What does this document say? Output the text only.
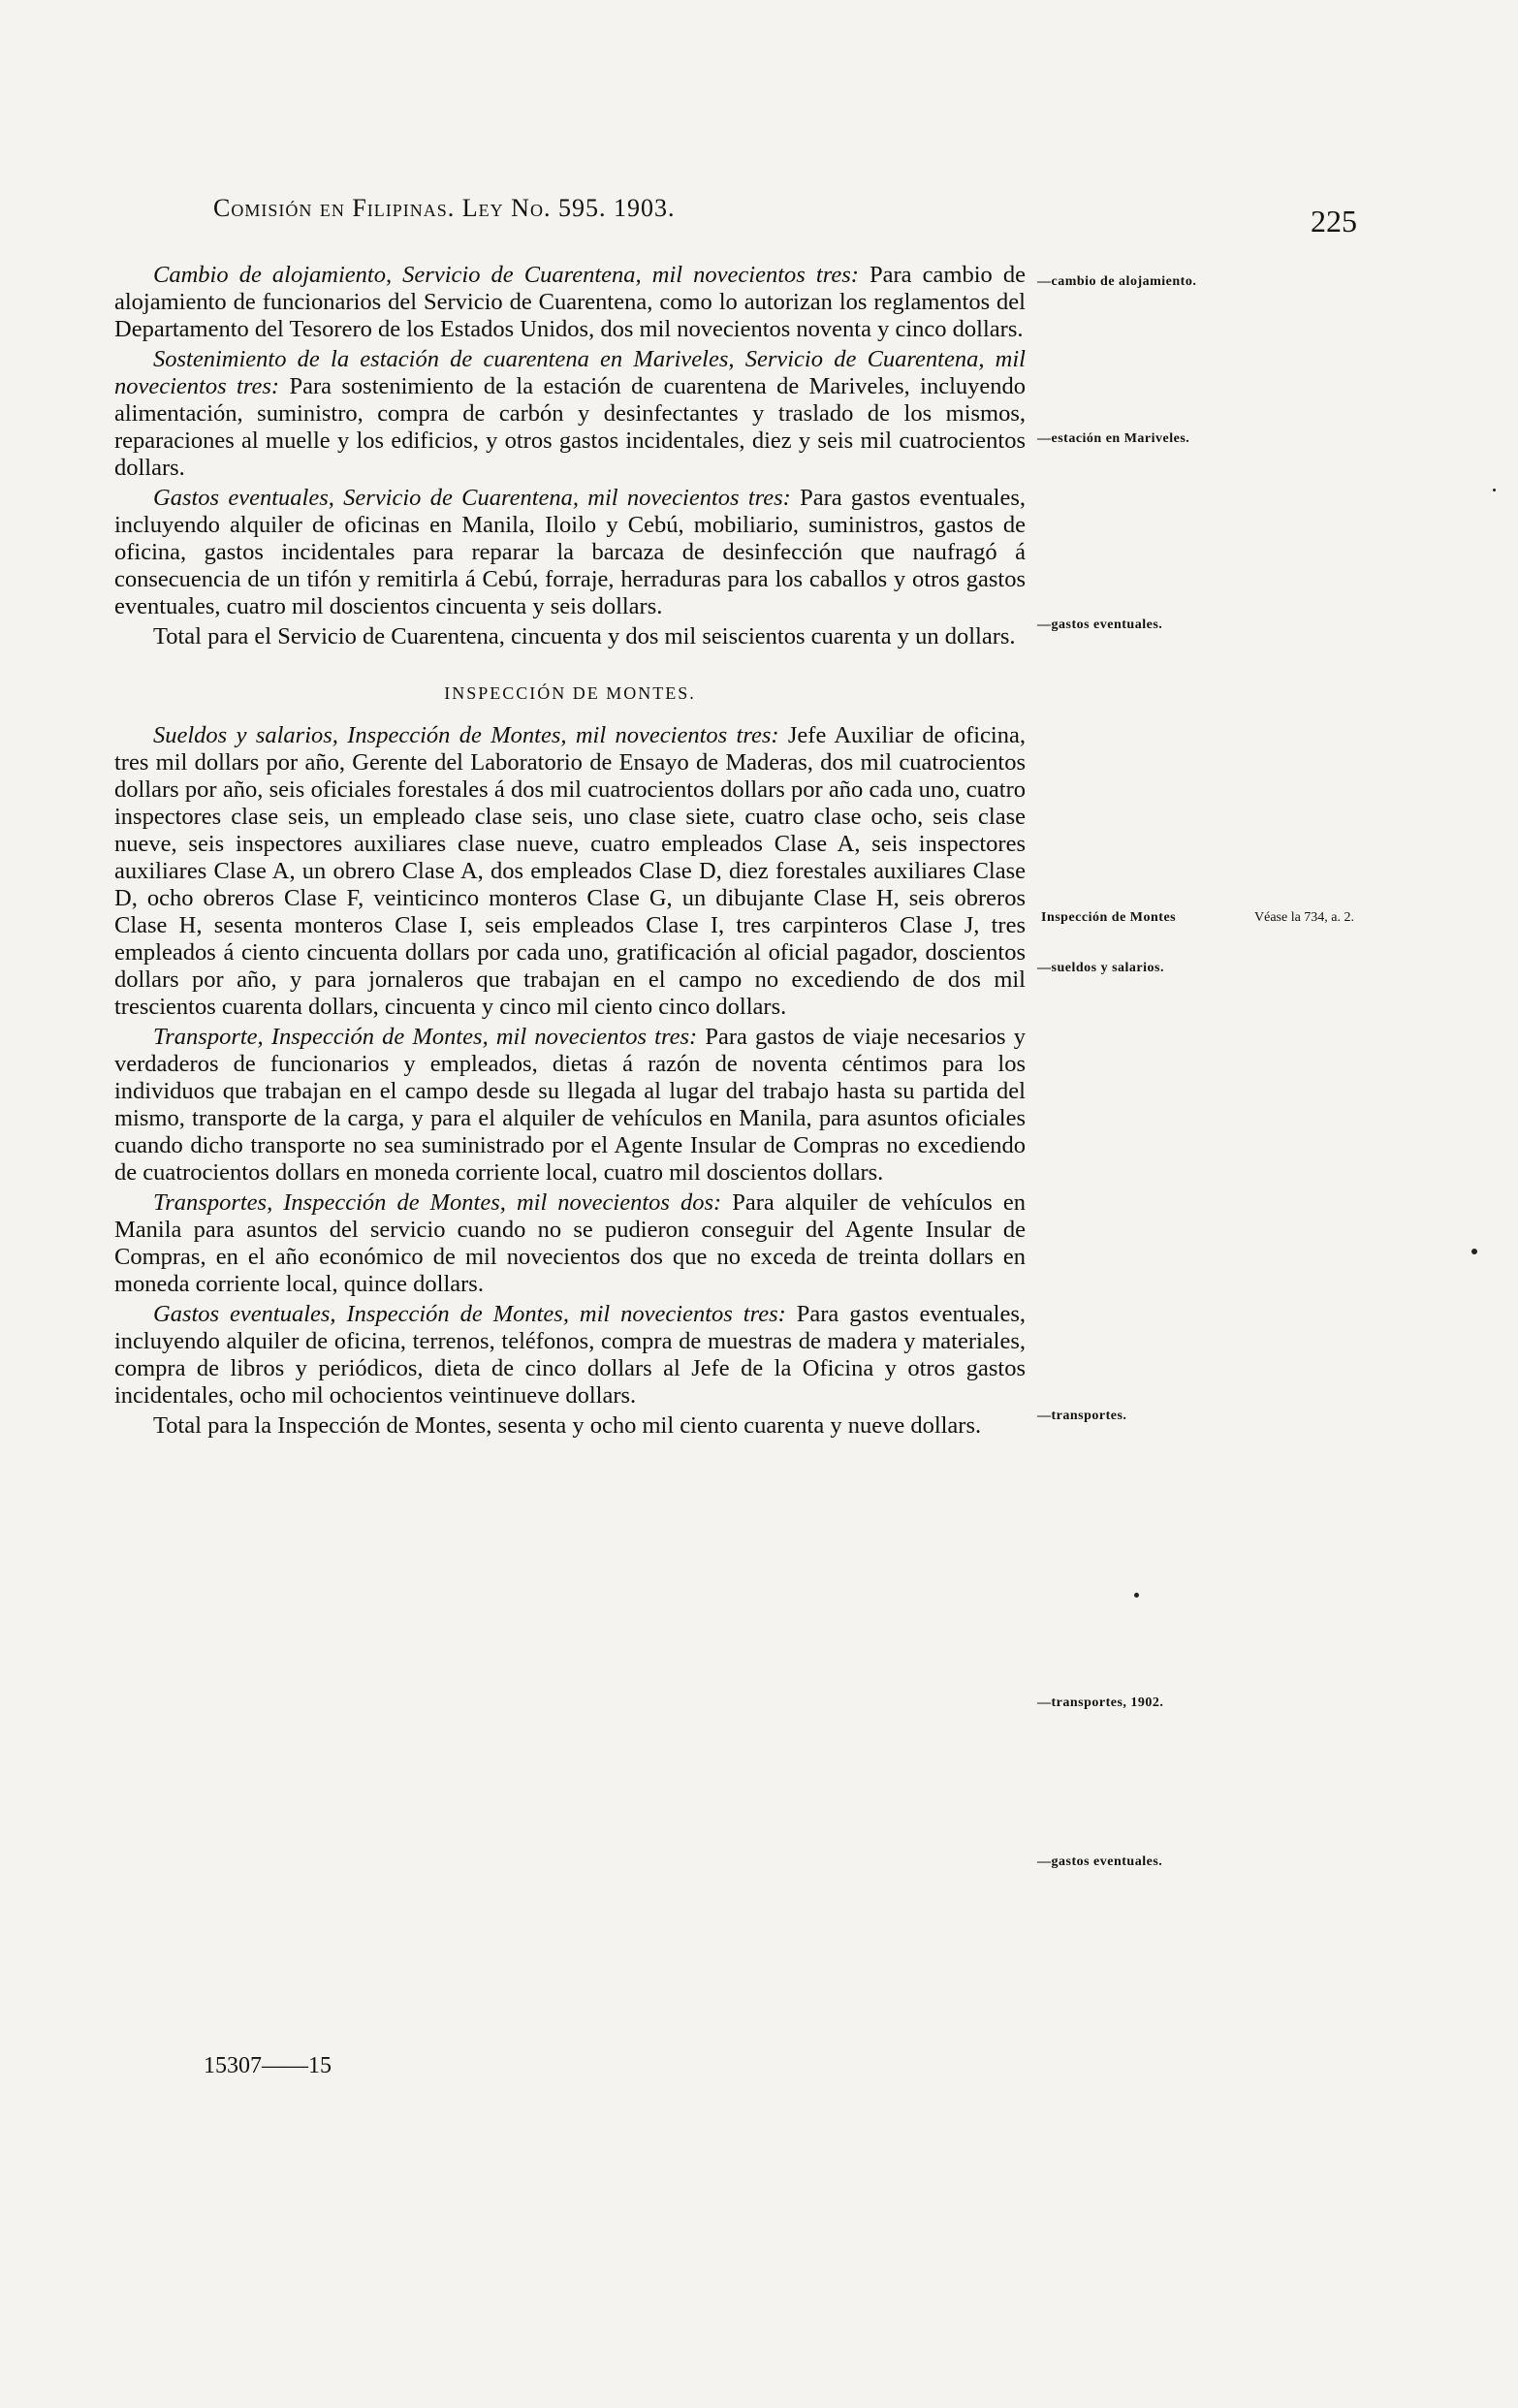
Comisión en Filipinas. Ley No. 595. 1903.	225

Cambio de alojamiento, Servicio de Cuarentena, mil novecientos tres: Para cambio de alojamiento de funcionarios del Servicio de Cuarentena, como lo autorizan los reglamentos del Departamento del Tesorero de los Estados Unidos, dos mil novecientos noventa y cinco dollars.

Sostenimiento de la estación de cuarentena en Mariveles, Servicio de Cuarentena, mil novecientos tres: Para sostenimiento de la estación de cuarentena de Mariveles, incluyendo alimentación, suministro, compra de carbón y desinfectantes y traslado de los mismos, reparaciones al muelle y los edificios, y otros gastos incidentales, diez y seis mil cuatrocientos dollars.

Gastos eventuales, Servicio de Cuarentena, mil novecientos tres: Para gastos eventuales, incluyendo alquiler de oficinas en Manila, Iloilo y Cebú, mobiliario, suministros, gastos de oficina, gastos incidentales para reparar la barcaza de desinfección que naufragó á consecuencia de un tifón y remitirla á Cebú, forraje, herraduras para los caballos y otros gastos eventuales, cuatro mil doscientos cincuenta y seis dollars.

Total para el Servicio de Cuarentena, cincuenta y dos mil seiscientos cuarenta y un dollars.

INSPECCIÓN DE MONTES.

Sueldos y salarios, Inspección de Montes, mil novecientos tres: Jefe Auxiliar de oficina, tres mil dollars por año, Gerente del Laboratorio de Ensayo de Maderas, dos mil cuatrocientos dollars por año, seis oficiales forestales á dos mil cuatrocientos dollars por año cada uno, cuatro inspectores clase seis, un empleado clase seis, uno clase siete, cuatro clase ocho, seis clase nueve, seis inspectores auxiliares clase nueve, cuatro empleados Clase A, seis inspectores auxiliares Clase A, un obrero Clase A, dos empleados Clase D, diez forestales auxiliares Clase D, ocho obreros Clase F, veinticinco monteros Clase G, un dibujante Clase H, seis obreros Clase H, sesenta monteros Clase I, seis empleados Clase I, tres carpinteros Clase J, tres empleados á ciento cincuenta dollars por cada uno, gratificación al oficial pagador, doscientos dollars por año, y para jornaleros que trabajan en el campo no excediendo de dos mil trescientos cuarenta dollars, cincuenta y cinco mil ciento cinco dollars.

Transporte, Inspección de Montes, mil novecientos tres: Para gastos de viaje necesarios y verdaderos de funcionarios y empleados, dietas á razón de noventa céntimos para los individuos que trabajan en el campo desde su llegada al lugar del trabajo hasta su partida del mismo, transporte de la carga, y para el alquiler de vehículos en Manila, para asuntos oficiales cuando dicho transporte no sea suministrado por el Agente Insular de Compras no excediendo de cuatrocientos dollars en moneda corriente local, cuatro mil doscientos dollars.

Transportes, Inspección de Montes, mil novecientos dos: Para alquiler de vehículos en Manila para asuntos del servicio cuando no se pudieron conseguir del Agente Insular de Compras, en el año económico de mil novecientos dos que no exceda de treinta dollars en moneda corriente local, quince dollars.

Gastos eventuales, Inspección de Montes, mil novecientos tres: Para gastos eventuales, incluyendo alquiler de oficina, terrenos, teléfonos, compra de muestras de madera y materiales, compra de libros y periódicos, dieta de cinco dollars al Jefe de la Oficina y otros gastos incidentales, ocho mil ochocientos veintinueve dollars.

Total para la Inspección de Montes, sesenta y ocho mil ciento cuarenta y nueve dollars.

15307——15
—cambio de alojamiento.
—estación en Mariveles.
—gastos eventuales.
Inspección de Montes	Véase la 734, a. 2.
—sueldos y salarios.
—transportes.
—transportes, 1902.
—gastos eventuales.
